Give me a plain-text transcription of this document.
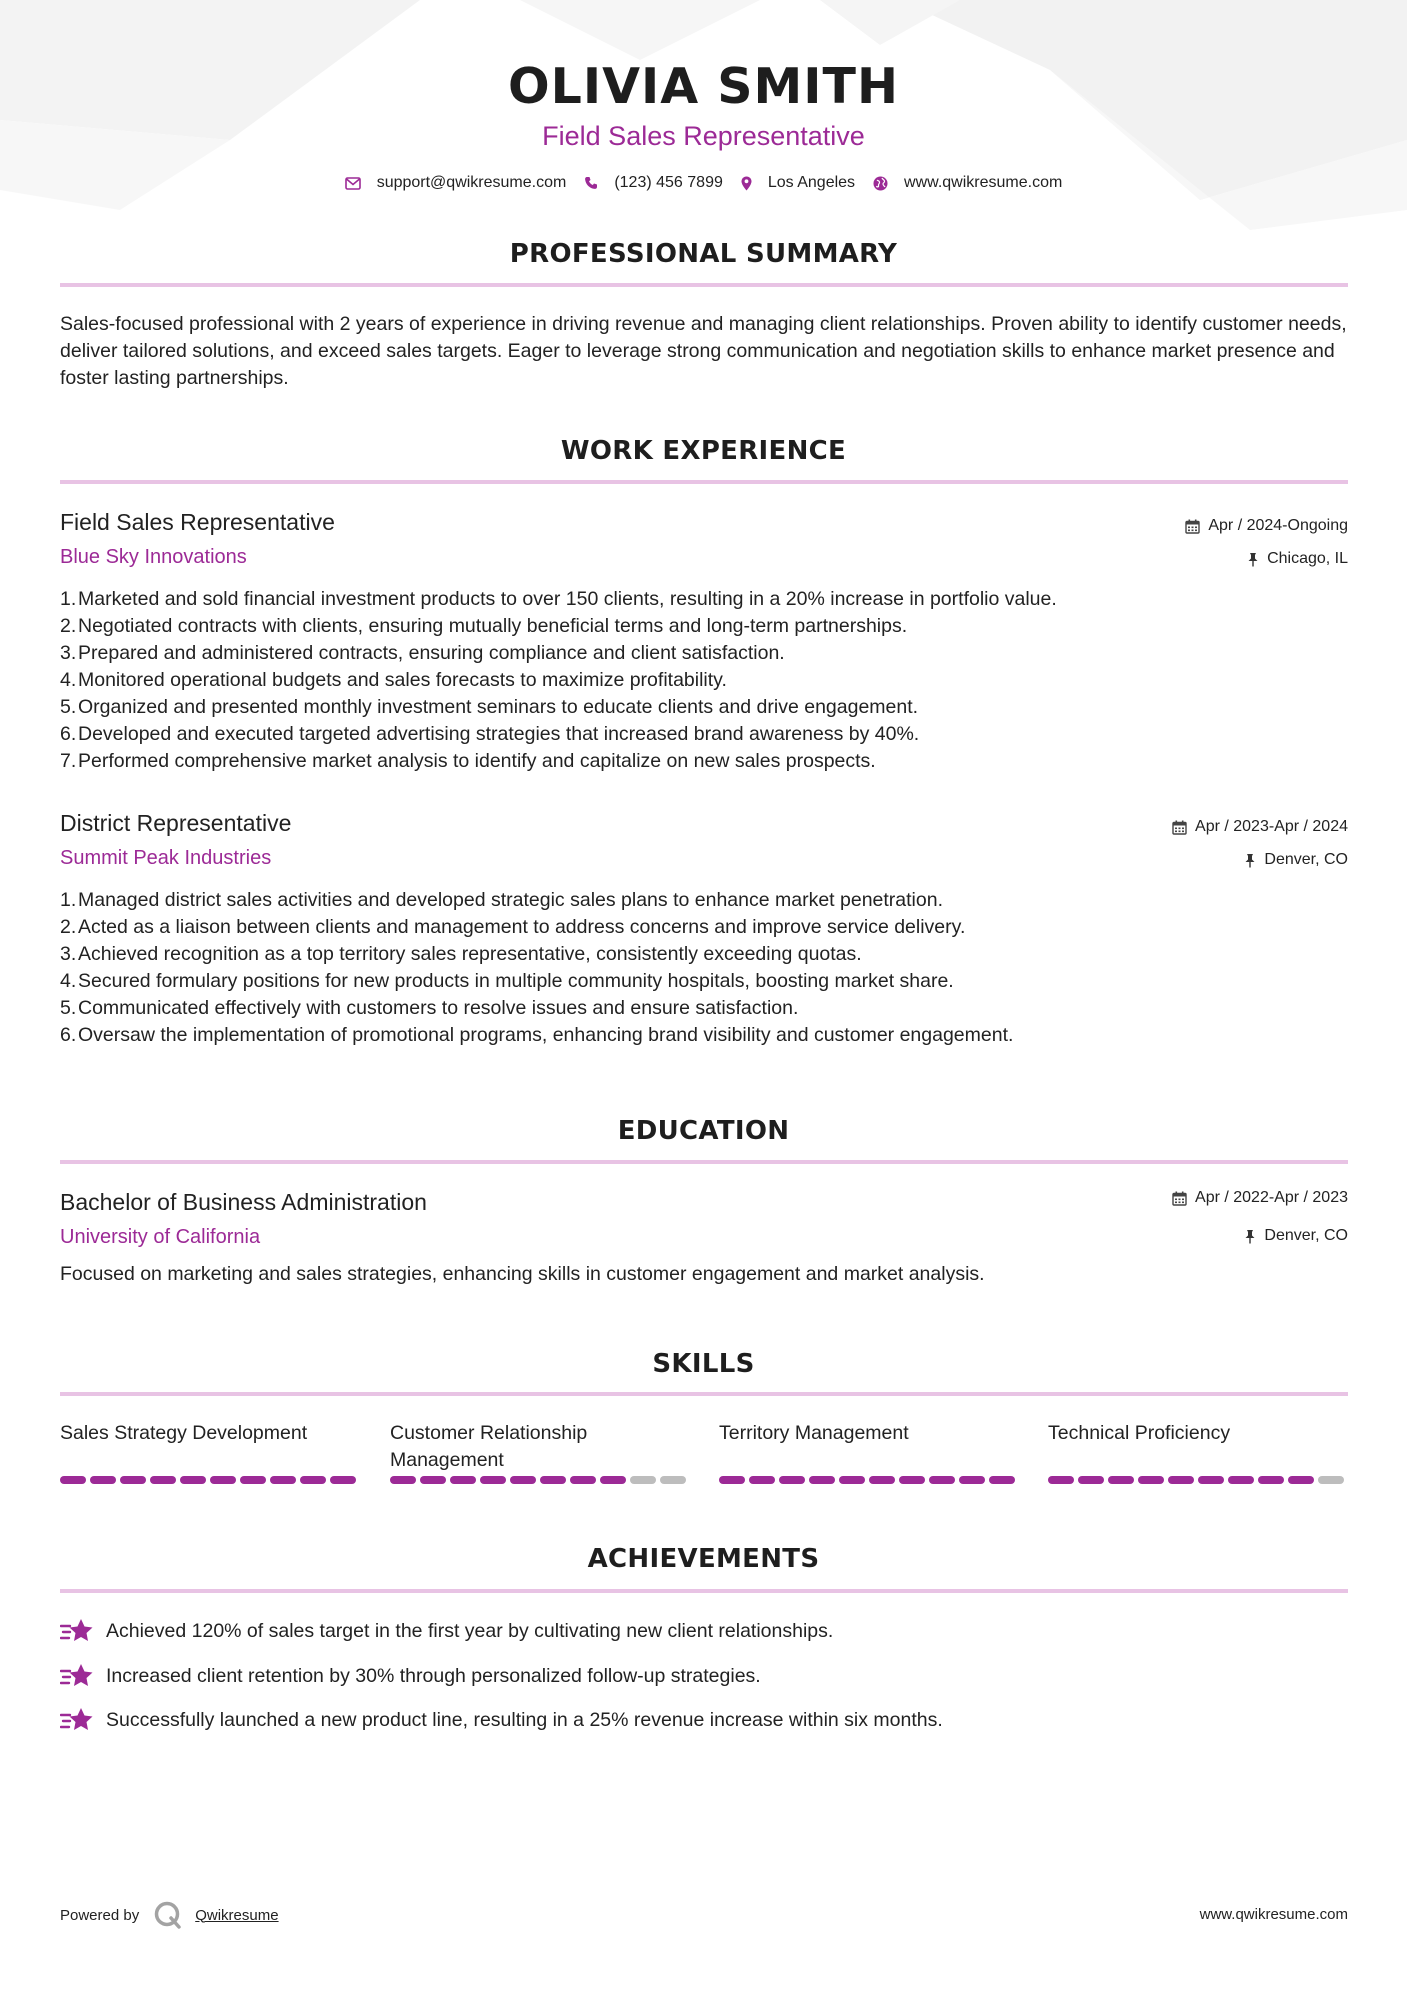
OLIVIA SMITH
Field Sales Representative
support@qwikresume.com	(123) 456 7899	Los Angeles	www.qwikresume.com
PROFESSIONAL SUMMARY
Sales-focused professional with 2 years of experience in driving revenue and managing client relationships. Proven ability to identify customer needs, deliver tailored solutions, and exceed sales targets. Eager to leverage strong communication and negotiation skills to enhance market presence and foster lasting partnerships.
WORK EXPERIENCE
Field Sales Representative
Blue Sky Innovations
Apr / 2024-Ongoing
Chicago, IL
1. Marketed and sold financial investment products to over 150 clients, resulting in a 20% increase in portfolio value.
2. Negotiated contracts with clients, ensuring mutually beneficial terms and long-term partnerships.
3. Prepared and administered contracts, ensuring compliance and client satisfaction.
4. Monitored operational budgets and sales forecasts to maximize profitability.
5. Organized and presented monthly investment seminars to educate clients and drive engagement.
6. Developed and executed targeted advertising strategies that increased brand awareness by 40%.
7. Performed comprehensive market analysis to identify and capitalize on new sales prospects.
District Representative
Summit Peak Industries
Apr / 2023-Apr / 2024
Denver, CO
1. Managed district sales activities and developed strategic sales plans to enhance market penetration.
2. Acted as a liaison between clients and management to address concerns and improve service delivery.
3. Achieved recognition as a top territory sales representative, consistently exceeding quotas.
4. Secured formulary positions for new products in multiple community hospitals, boosting market share.
5. Communicated effectively with customers to resolve issues and ensure satisfaction.
6. Oversaw the implementation of promotional programs, enhancing brand visibility and customer engagement.
EDUCATION
Bachelor of Business Administration
University of California
Apr / 2022-Apr / 2023
Denver, CO
Focused on marketing and sales strategies, enhancing skills in customer engagement and market analysis.
SKILLS
Sales Strategy Development	Customer Relationship Management
Territory Management	Technical Proficiency
ACHIEVEMENTS
Achieved 120% of sales target in the first year by cultivating new client relationships.
Increased client retention by 30% through personalized follow-up strategies.
Successfully launched a new product line, resulting in a 25% revenue increase within six months.
Powered by	Qwikresume	www.qwikresume.com
